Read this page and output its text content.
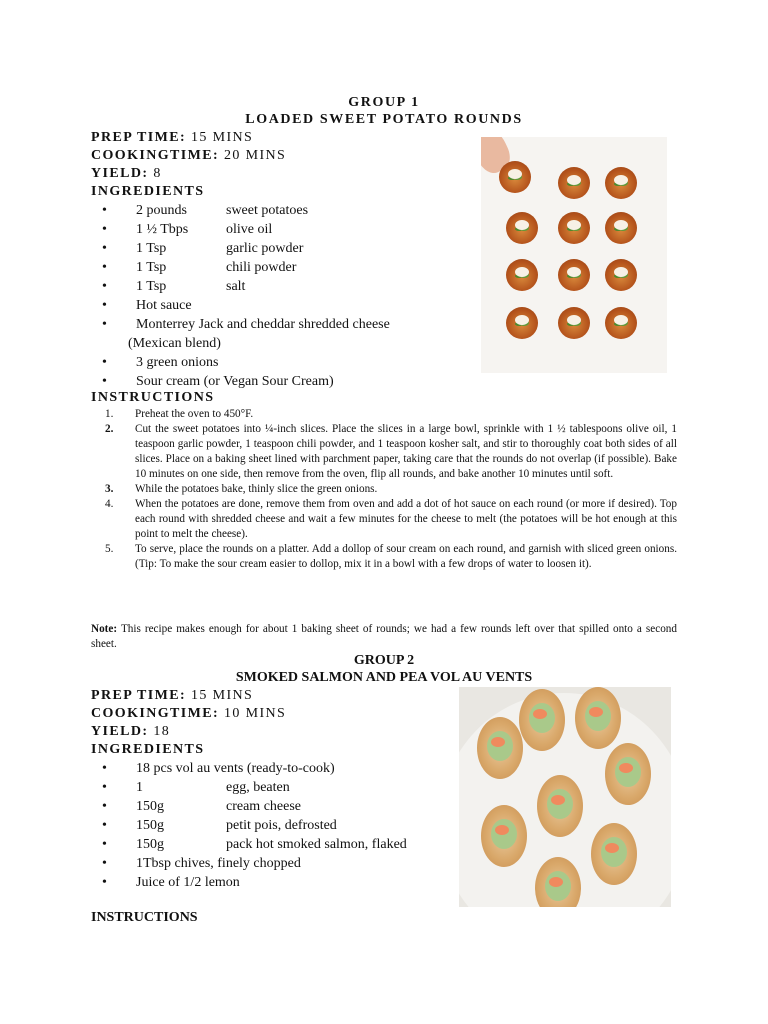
GROUP 1
LOADED SWEET POTATO ROUNDS
PREP TIME: 15 MINS
COOKINGTIME: 20 MINS
YIELD: 8
INGREDIENTS
• 2 pounds	sweet potatoes
• 1 ½ Tbps	olive oil
• 1 Tsp	garlic powder
• 1 Tsp	chili powder
• 1 Tsp	salt
• Hot sauce
• Monterrey Jack and cheddar shredded cheese
(Mexican blend)
• 3 green onions
• Sour cream (or Vegan Sour Cream)
INSTRUCTIONS
1. Preheat the oven to 450°F.
2. Cut the sweet potatoes into ¼-inch slices. Place the slices in a large bowl, sprinkle with 1 ½ tablespoons olive oil, 1 teaspoon garlic powder, 1 teaspoon chili powder, and 1 teaspoon kosher salt, and stir to thoroughly coat both sides of all slices. Place on a baking sheet lined with parchment paper, taking care that the rounds do not overlap (if possible). Bake 10 minutes on one side, then remove from the oven, flip all rounds, and bake another 10 minutes until soft.
3. While the potatoes bake, thinly slice the green onions.
4. When the potatoes are done, remove them from oven and add a dot of hot sauce on each round (or more if desired). Top each round with shredded cheese and wait a few minutes for the cheese to melt (the potatoes will be hot enough at this point to melt the cheese).
5. To serve, place the rounds on a platter. Add a dollop of sour cream on each round, and garnish with sliced green onions. (Tip: To make the sour cream easier to dollop, mix it in a bowl with a few drops of water to loosen it).
Note: This recipe makes enough for about 1 baking sheet of rounds; we had a few rounds left over that spilled onto a second sheet.
GROUP 2
SMOKED SALMON AND PEA VOL AU VENTS
PREP TIME: 15 MINS
COOKINGTIME: 10 MINS
YIELD: 18
INGREDIENTS
• 18 pcs vol au vents (ready-to-cook)
• 1	egg, beaten
• 150g	cream cheese
• 150g	petit pois, defrosted
• 150g	pack hot smoked salmon, flaked
• 1Tbsp chives, finely chopped
• Juice of 1/2 lemon
INSTRUCTIONS
